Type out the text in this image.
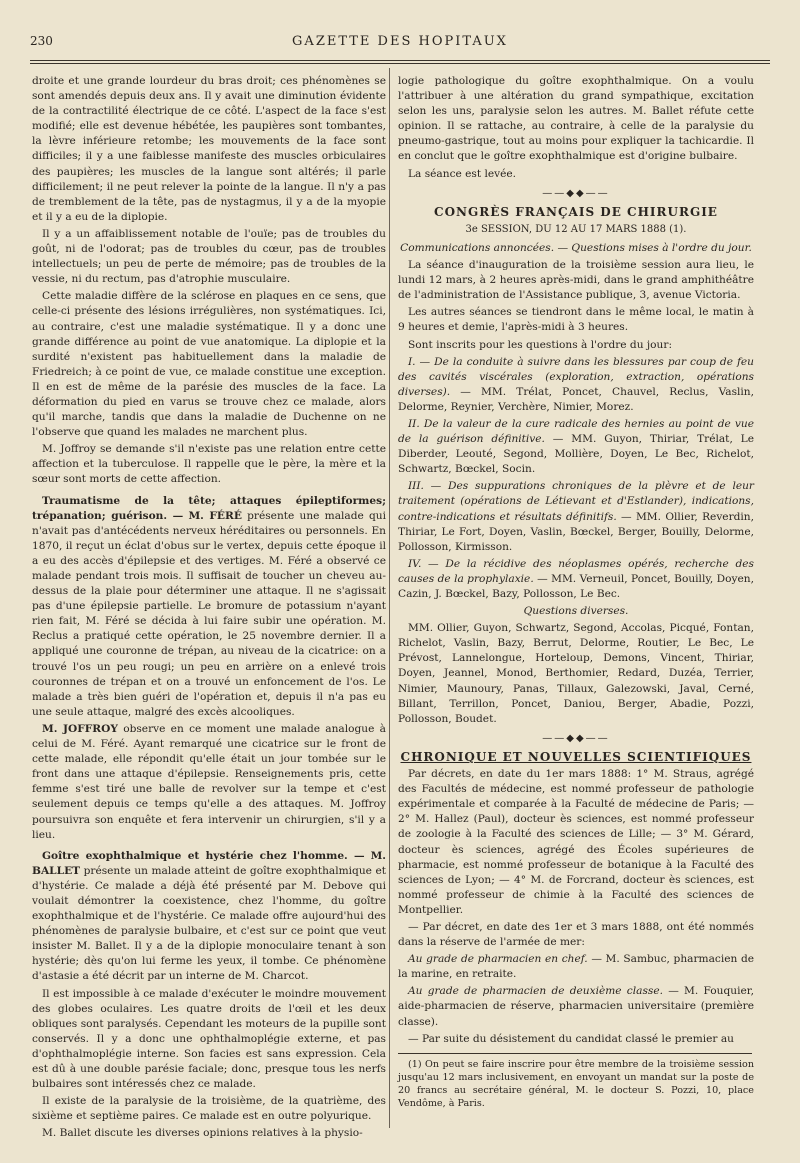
230	GAZETTE DES HOPITAUX

droite et une grande lourdeur du bras droit; ces phénomènes se sont amendés depuis deux ans. Il y avait une diminution évidente de la contractilité électrique de ce côté. L'aspect de la face s'est modifié; elle est devenue hébétée, les paupières sont tombantes, la lèvre inférieure retombe; les mouvements de la face sont difficiles; il y a une faiblesse manifeste des muscles orbiculaires des paupières; les muscles de la langue sont altérés; il parle difficilement; il ne peut relever la pointe de la langue. Il n'y a pas de tremblement de la tête, pas de nystagmus, il y a de la myopie et il y a eu de la diplopie.

Il y a un affaiblissement notable de l'ouïe; pas de troubles du goût, ni de l'odorat; pas de troubles du cœur, pas de troubles intellectuels; un peu de perte de mémoire; pas de troubles de la vessie, ni du rectum, pas d'atrophie musculaire.

Cette maladie diffère de la sclérose en plaques en ce sens, que celle-ci présente des lésions irrégulières, non systématiques. Ici, au contraire, c'est une maladie systématique. Il y a donc une grande différence au point de vue anatomique. La diplopie et la surdité n'existent pas habituellement dans la maladie de Friedreich; à ce point de vue, ce malade constitue une exception. Il en est de même de la parésie des muscles de la face. La déformation du pied en varus se trouve chez ce malade, alors qu'il marche, tandis que dans la maladie de Duchenne on ne l'observe que quand les malades ne marchent plus.

M. Joffroy se demande s'il n'existe pas une relation entre cette affection et la tuberculose. Il rappelle que le père, la mère et la sœur sont morts de cette affection.

Traumatisme de la tête; attaques épileptiformes; trépanation; guérison. — M. FÉRÉ présente une malade qui n'avait pas d'antécédents nerveux héréditaires ou personnels. En 1870, il reçut un éclat d'obus sur le vertex, depuis cette époque il a eu des accès d'épilepsie et des vertiges. M. Féré a observé ce malade pendant trois mois. Il suffisait de toucher un cheveu au-dessus de la plaie pour déterminer une attaque. Il ne s'agissait pas d'une épilepsie partielle. Le bromure de potassium n'ayant rien fait, M. Féré se décida à lui faire subir une opération. M. Reclus a pratiqué cette opération, le 25 novembre dernier. Il a appliqué une couronne de trépan, au niveau de la cicatrice: on a trouvé l'os un peu rougi; un peu en arrière on a enlevé trois couronnes de trépan et on a trouvé un enfoncement de l'os. Le malade a très bien guéri de l'opération et, depuis il n'a pas eu une seule attaque, malgré des excès alcooliques.

M. JOFFROY observe en ce moment une malade analogue à celui de M. Féré. Ayant remarqué une cicatrice sur le front de cette malade, elle répondit qu'elle était un jour tombée sur le front dans une attaque d'épilepsie. Renseignements pris, cette femme s'est tiré une balle de revolver sur la tempe et c'est seulement depuis ce temps qu'elle a des attaques. M. Joffroy poursuivra son enquête et fera intervenir un chirurgien, s'il y a lieu.

Goître exophthalmique et hystérie chez l'homme. — M. BALLET présente un malade atteint de goître exophthalmique et d'hystérie. Ce malade a déjà été présenté par M. Debove qui voulait démontrer la coexistence, chez l'homme, du goître exophthalmique et de l'hystérie. Ce malade offre aujourd'hui des phénomènes de paralysie bulbaire, et c'est sur ce point que veut insister M. Ballet. Il y a de la diplopie monoculaire tenant à son hystérie; dès qu'on lui ferme les yeux, il tombe. Ce phénomène d'astasie a été décrit par un interne de M. Charcot.

Il est impossible à ce malade d'exécuter le moindre mouvement des globes oculaires. Les quatre droits de l'œil et les deux obliques sont paralysés. Cependant les moteurs de la pupille sont conservés. Il y a donc une ophthalmoplégie externe, et pas d'ophthalmoplégie interne. Son facies est sans expression. Cela est dû à une double parésie faciale; donc, presque tous les nerfs bulbaires sont intéressés chez ce malade.

Il existe de la paralysie de la troisième, de la quatrième, des sixième et septième paires. Ce malade est en outre polyurique.

M. Ballet discute les diverses opinions relatives à la physio-

logie pathologique du goître exophthalmique. On a voulu l'attribuer à une altération du grand sympathique, excitation selon les uns, paralysie selon les autres. M. Ballet réfute cette opinion. Il se rattache, au contraire, à celle de la paralysie du pneumo-gastrique, tout au moins pour expliquer la tachicardie. Il en conclut que le goître exophthalmique est d'origine bulbaire.

La séance est levée.

——◆◆——

CONGRÈS FRANÇAIS DE CHIRURGIE

3e SESSION, DU 12 AU 17 MARS 1888 (1).

Communications annoncées. — Questions mises à l'ordre du jour.

La séance d'inauguration de la troisième session aura lieu, le lundi 12 mars, à 2 heures après-midi, dans le grand amphithéâtre de l'administration de l'Assistance publique, 3, avenue Victoria.

Les autres séances se tiendront dans le même local, le matin à 9 heures et demie, l'après-midi à 3 heures.

Sont inscrits pour les questions à l'ordre du jour:

I. — De la conduite à suivre dans les blessures par coup de feu des cavités viscérales (exploration, extraction, opérations diverses). — MM. Trélat, Poncet, Chauvel, Reclus, Vaslin, Delorme, Reynier, Verchère, Nimier, Morez.

II. De la valeur de la cure radicale des hernies au point de vue de la guérison définitive. — MM. Guyon, Thiriar, Trélat, Le Diberder, Leouté, Segond, Mollière, Doyen, Le Bec, Richelot, Schwartz, Bœckel, Socin.

III. — Des suppurations chroniques de la plèvre et de leur traitement (opérations de Létievant et d'Estlander), indications, contre-indications et résultats définitifs. — MM. Ollier, Reverdin, Thiriar, Le Fort, Doyen, Vaslin, Bœckel, Berger, Bouilly, Delorme, Pollosson, Kirmisson.

IV. — De la récidive des néoplasmes opérés, recherche des causes de la prophylaxie. — MM. Verneuil, Poncet, Bouilly, Doyen, Cazin, J. Bœckel, Bazy, Pollosson, Le Bec.

Questions diverses.

MM. Ollier, Guyon, Schwartz, Segond, Accolas, Picqué, Fontan, Richelot, Vaslin, Bazy, Berrut, Delorme, Routier, Le Bec, Le Prévost, Lannelongue, Horteloup, Demons, Vincent, Thiriar, Doyen, Jeannel, Monod, Berthomier, Redard, Duzéa, Terrier, Nimier, Maunoury, Panas, Tillaux, Galezowski, Javal, Cerné, Billant, Terrillon, Poncet, Daniou, Berger, Abadie, Pozzi, Pollosson, Boudet.

——◆◆——

CHRONIQUE ET NOUVELLES SCIENTIFIQUES

Par décrets, en date du 1er mars 1888: 1° M. Straus, agrégé des Facultés de médecine, est nommé professeur de pathologie expérimentale et comparée à la Faculté de médecine de Paris; — 2° M. Hallez (Paul), docteur ès sciences, est nommé professeur de zoologie à la Faculté des sciences de Lille; — 3° M. Gérard, docteur ès sciences, agrégé des Écoles supérieures de pharmacie, est nommé professeur de botanique à la Faculté des sciences de Lyon; — 4° M. de Forcrand, docteur ès sciences, est nommé professeur de chimie à la Faculté des sciences de Montpellier.

— Par décret, en date des 1er et 3 mars 1888, ont été nommés dans la réserve de l'armée de mer:

Au grade de pharmacien en chef. — M. Sambuc, pharmacien de la marine, en retraite.

Au grade de pharmacien de deuxième classe. — M. Fouquier, aide-pharmacien de réserve, pharmacien universitaire (première classe).

— Par suite du désistement du candidat classé le premier au

(1) On peut se faire inscrire pour être membre de la troisième session jusqu'au 12 mars inclusivement, en envoyant un mandat sur la poste de 20 francs au secrétaire général, M. le docteur S. Pozzi, 10, place Vendôme, à Paris.
